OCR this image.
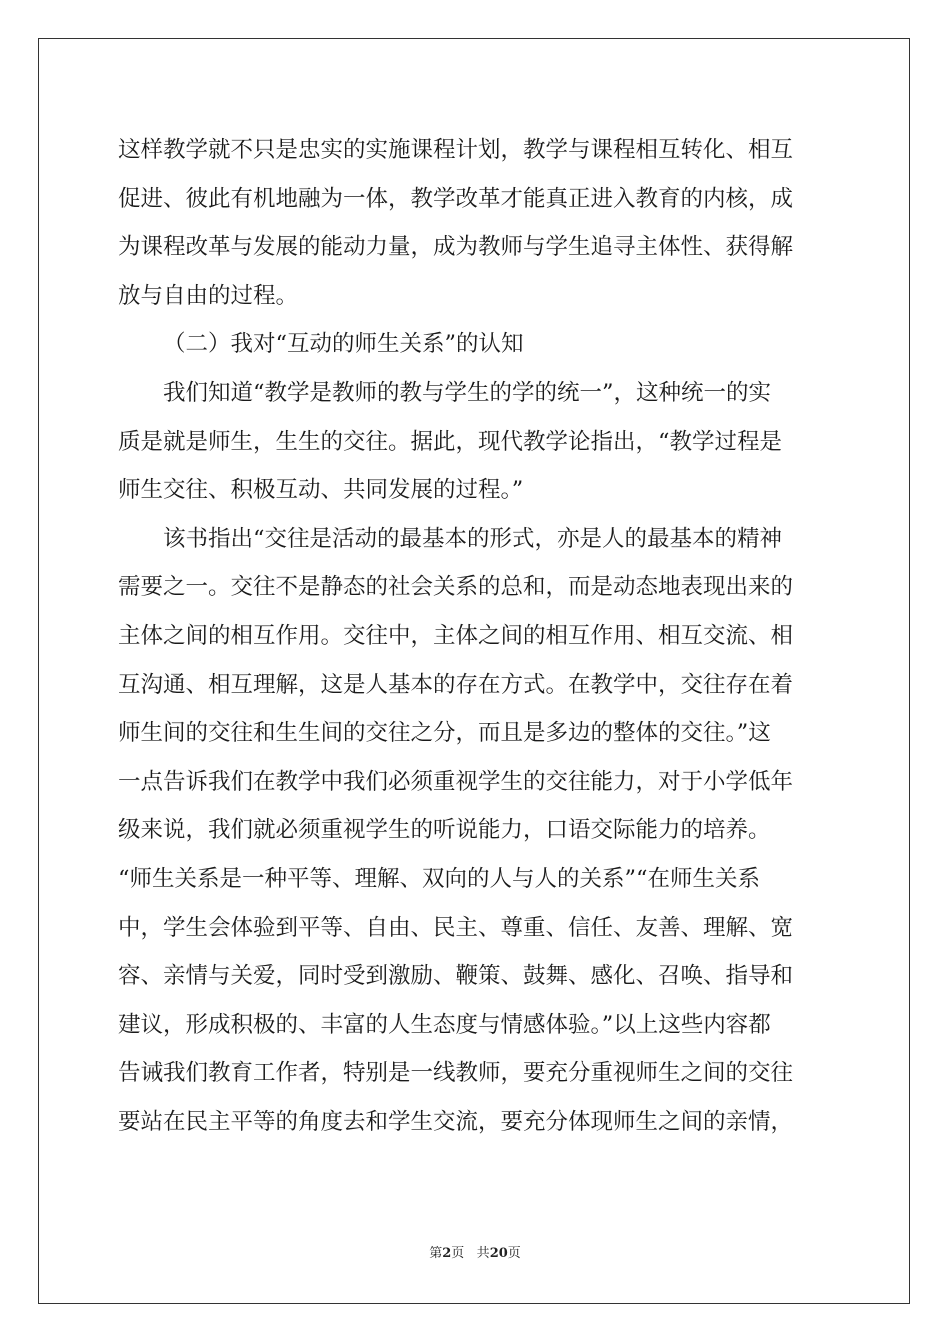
这样教学就不只是忠实的实施课程计划，教学与课程相互转化、相互
促进、彼此有机地融为一体，教学改革才能真正进入教育的内核，成
为课程改革与发展的能动力量，成为教师与学生追寻主体性、获得解
放与自由的过程。
（二）我对“互动的师生关系”的认知
我们知道“教学是教师的教与学生的学的统一”，这种统一的实
质是就是师生，生生的交往。据此，现代教学论指出，“教学过程是
师生交往、积极互动、共同发展的过程。”
该书指出“交往是活动的最基本的形式，亦是人的最基本的精神
需要之一。交往不是静态的社会关系的总和，而是动态地表现出来的
主体之间的相互作用。交往中，主体之间的相互作用、相互交流、相
互沟通、相互理解，这是人基本的存在方式。在教学中，交往存在着
师生间的交往和生生间的交往之分，而且是多边的整体的交往。”这
一点告诉我们在教学中我们必须重视学生的交往能力，对于小学低年
级来说，我们就必须重视学生的听说能力，口语交际能力的培养。
“师生关系是一种平等、理解、双向的人与人的关系”“在师生关系
中，学生会体验到平等、自由、民主、尊重、信任、友善、理解、宽
容、亲情与关爱，同时受到激励、鞭策、鼓舞、感化、召唤、指导和
建议，形成积极的、丰富的人生态度与情感体验。”以上这些内容都
告诫我们教育工作者，特别是一线教师，要充分重视师生之间的交往
要站在民主平等的角度去和学生交流，要充分体现师生之间的亲情，
第2页 共20页
